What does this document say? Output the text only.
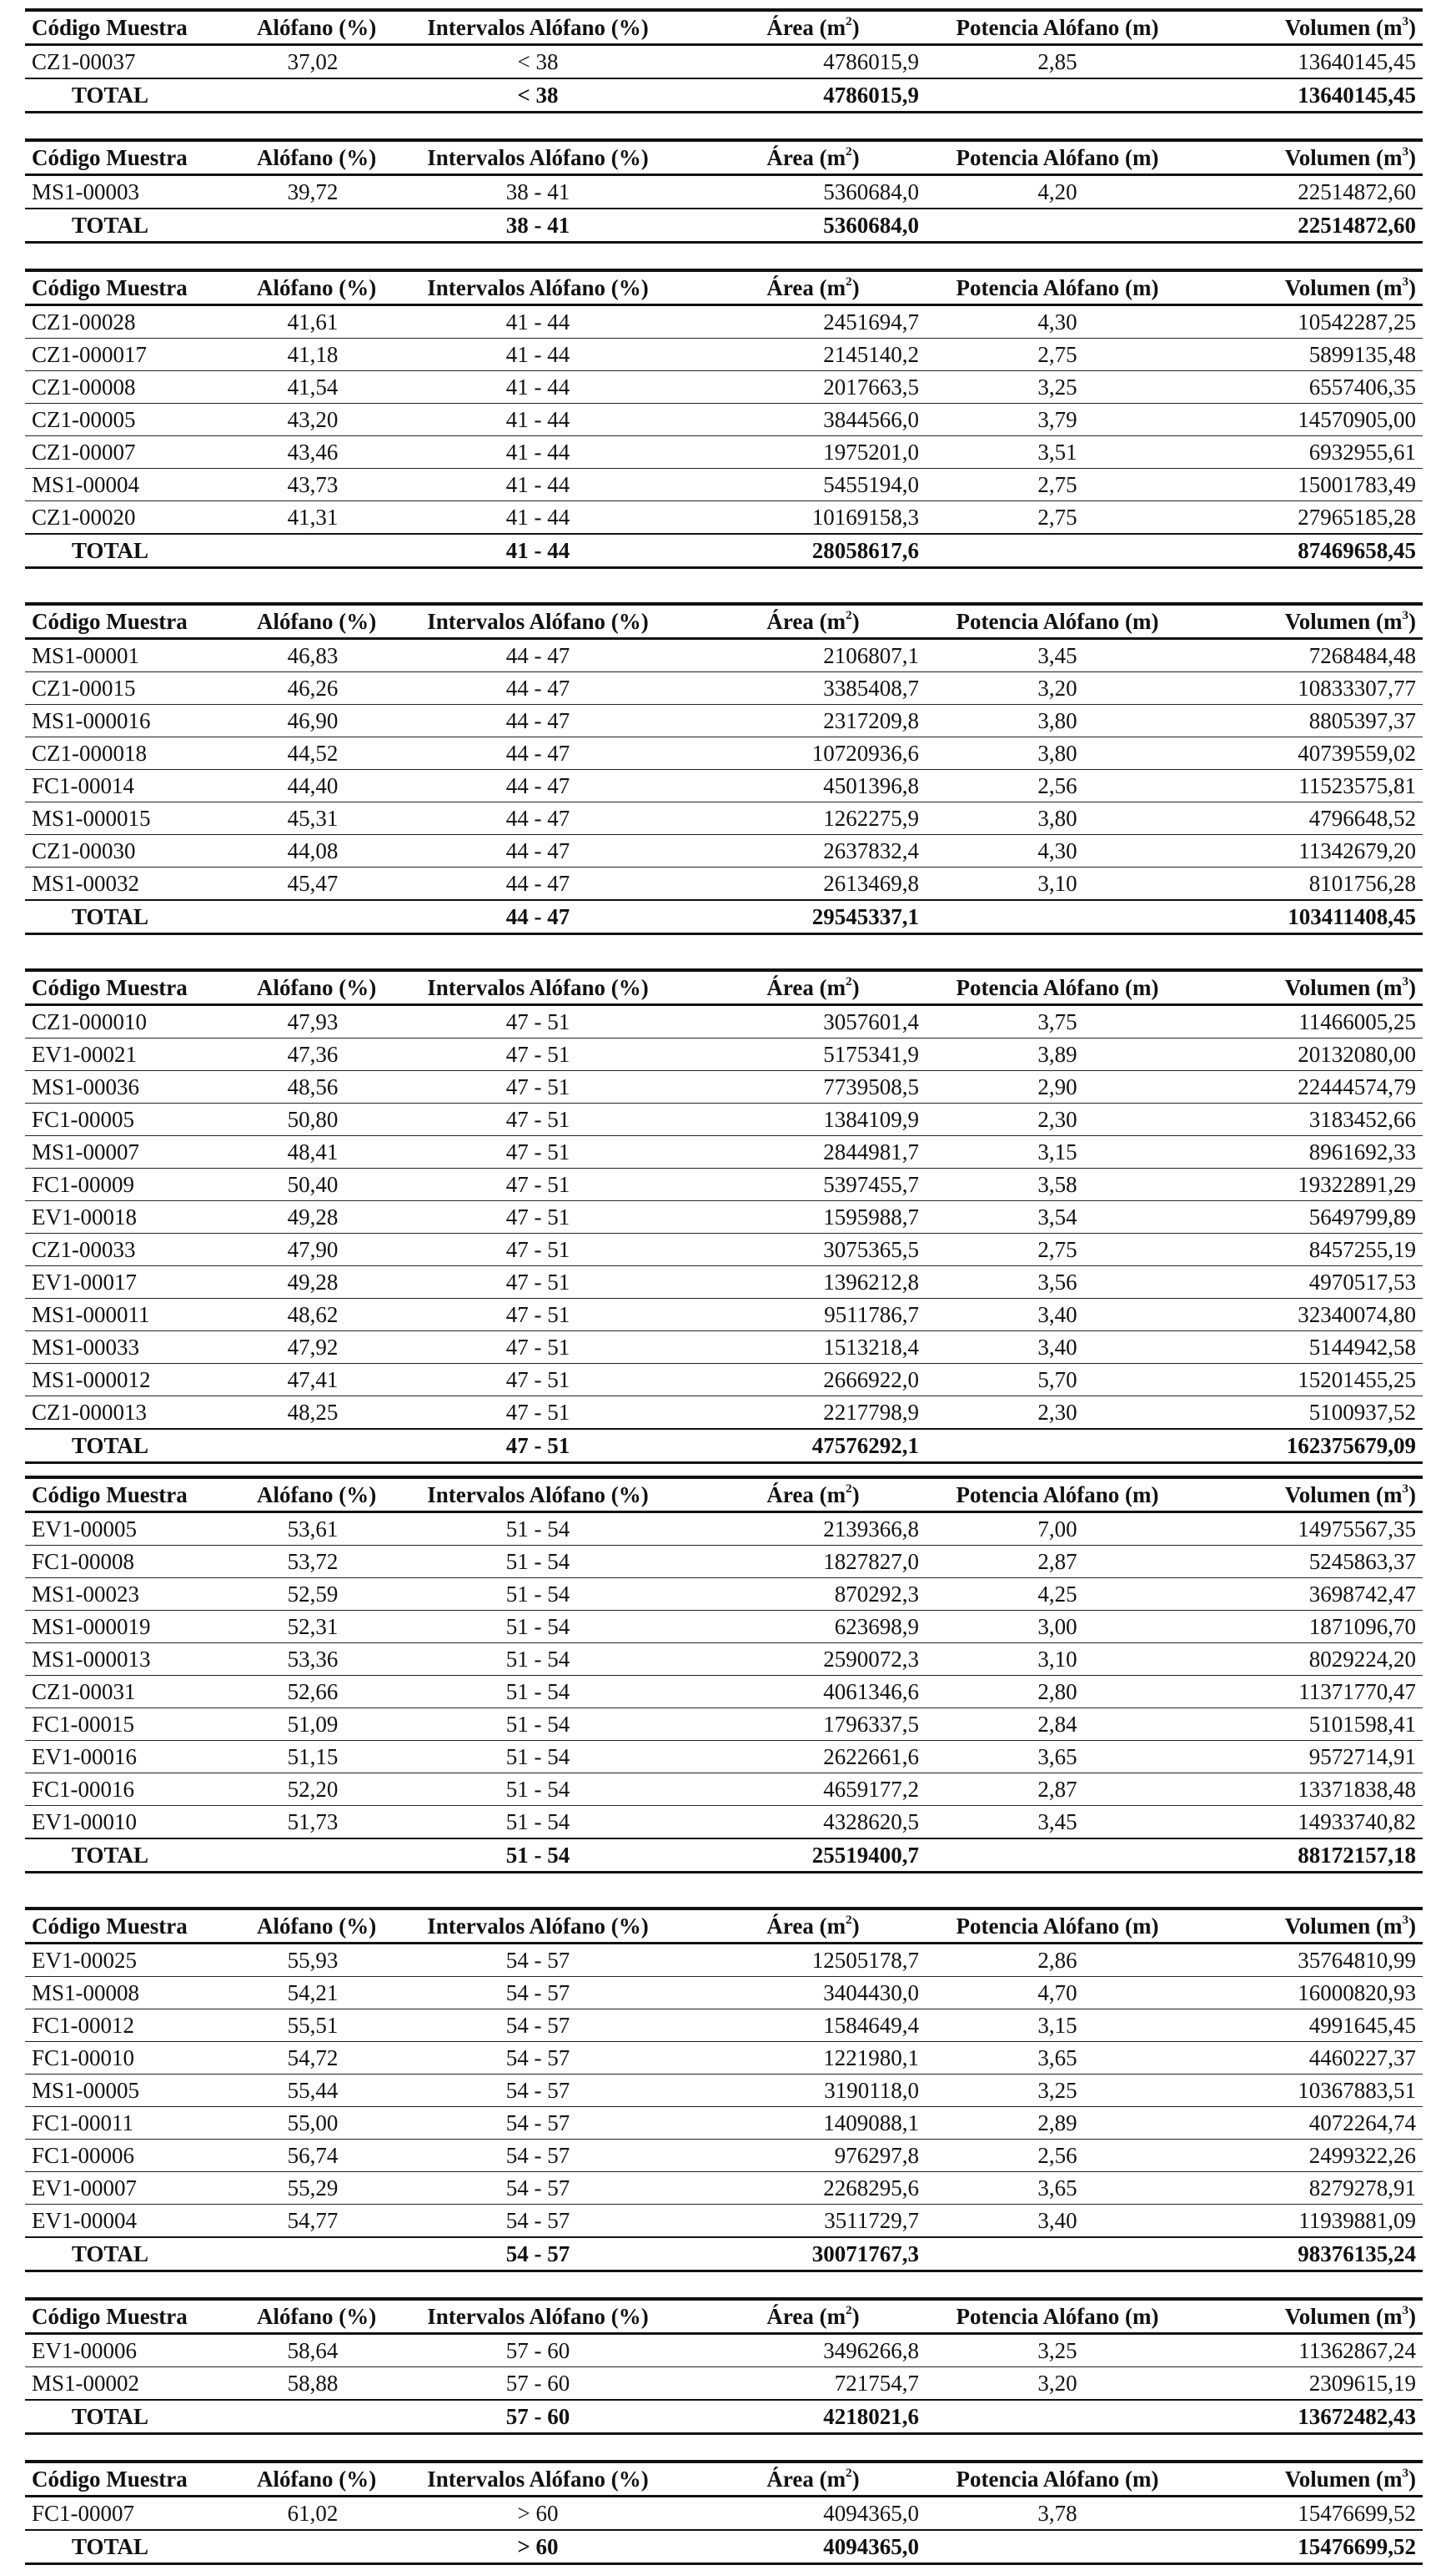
Código Muestra	Alófano (%)	Intervalos Alófano (%)	Área $(m^2)$	Potencia Alófano (m)	Volumen $(m^3)$
CZ1-00037	37,02	< 38	4786015,9	2,85	13640145,45
TOTAL		< 38	4786015,9		13640145,45
Código Muestra	Alófano (%)	Intervalos Alófano (%)	Área $(m^2)$	Potencia Alófano (m)	Volumen $(m^3)$
MS1-00003	39,72	38 - 41	5360684,0	4,20	22514872,60
TOTAL		38 - 41	5360684,0		22514872,60
Código Muestra	Alófano (%)	Intervalos Alófano (%)	Área $(m^2)$	Potencia Alófano (m)	Volumen $(m^3)$
CZ1-00028	41,61	41 - 44	2451694,7	4,30	10542287,25
CZ1-000017	41,18	41 - 44	2145140,2	2,75	5899135,48
CZ1-00008	41,54	41 - 44	2017663,5	3,25	6557406,35
CZ1-00005	43,20	41 - 44	3844566,0	3,79	14570905,00
CZ1-00007	43,46	41 - 44	1975201,0	3,51	6932955,61
MS1-00004	43,73	41 - 44	5455194,0	2,75	15001783,49
CZ1-00020	41,31	41 - 44	10169158,3	2,75	27965185,28
TOTAL		41 - 44	28058617,6		87469658,45
Código Muestra	Alófano (%)	Intervalos Alófano (%)	Área $(m^2)$	Potencia Alófano (m)	Volumen $(m^3)$
MS1-00001	46,83	44 - 47	2106807,1	3,45	7268484,48
CZ1-00015	46,26	44 - 47	3385408,7	3,20	10833307,77
MS1-000016	46,90	44 - 47	2317209,8	3,80	8805397,37
CZ1-000018	44,52	44 - 47	10720936,6	3,80	40739559,02
FC1-00014	44,40	44 - 47	4501396,8	2,56	11523575,81
MS1-000015	45,31	44 - 47	1262275,9	3,80	4796648,52
CZ1-00030	44,08	44 - 47	2637832,4	4,30	11342679,20
MS1-00032	45,47	44 - 47	2613469,8	3,10	8101756,28
TOTAL		44 - 47	29545337,1		103411408,45
Código Muestra	Alófano (%)	Intervalos Alófano (%)	Área $(m^2)$	Potencia Alófano (m)	Volumen $(m^3)$
CZ1-000010	47,93	47 - 51	3057601,4	3,75	11466005,25
EV1-00021	47,36	47 - 51	5175341,9	3,89	20132080,00
MS1-00036	48,56	47 - 51	7739508,5	2,90	22444574,79
FC1-00005	50,80	47 - 51	1384109,9	2,30	3183452,66
MS1-00007	48,41	47 - 51	2844981,7	3,15	8961692,33
FC1-00009	50,40	47 - 51	5397455,7	3,58	19322891,29
EV1-00018	49,28	47 - 51	1595988,7	3,54	5649799,89
CZ1-00033	47,90	47 - 51	3075365,5	2,75	8457255,19
EV1-00017	49,28	47 - 51	1396212,8	3,56	4970517,53
MS1-000011	48,62	47 - 51	9511786,7	3,40	32340074,80
MS1-00033	47,92	47 - 51	1513218,4	3,40	5144942,58
MS1-000012	47,41	47 - 51	2666922,0	5,70	15201455,25
CZ1-000013	48,25	47 - 51	2217798,9	2,30	5100937,52
TOTAL		47 - 51	47576292,1		162375679,09
Código Muestra	Alófano (%)	Intervalos Alófano (%)	Área $(m^2)$	Potencia Alófano (m)	Volumen $(m^3)$
EV1-00005	53,61	51 - 54	2139366,8	7,00	14975567,35
FC1-00008	53,72	51 - 54	1827827,0	2,87	5245863,37
MS1-00023	52,59	51 - 54	870292,3	4,25	3698742,47
MS1-000019	52,31	51 - 54	623698,9	3,00	1871096,70
MS1-000013	53,36	51 - 54	2590072,3	3,10	8029224,20
CZ1-00031	52,66	51 - 54	4061346,6	2,80	11371770,47
FC1-00015	51,09	51 - 54	1796337,5	2,84	5101598,41
EV1-00016	51,15	51 - 54	2622661,6	3,65	9572714,91
FC1-00016	52,20	51 - 54	4659177,2	2,87	13371838,48
EV1-00010	51,73	51 - 54	4328620,5	3,45	14933740,82
TOTAL		51 - 54	25519400,7		88172157,18
Código Muestra	Alófano (%)	Intervalos Alófano (%)	Área $(m^2)$	Potencia Alófano (m)	Volumen $(m^3)$
EV1-00025	55,93	54 - 57	12505178,7	2,86	35764810,99
MS1-00008	54,21	54 - 57	3404430,0	4,70	16000820,93
FC1-00012	55,51	54 - 57	1584649,4	3,15	4991645,45
FC1-00010	54,72	54 - 57	1221980,1	3,65	4460227,37
MS1-00005	55,44	54 - 57	3190118,0	3,25	10367883,51
FC1-00011	55,00	54 - 57	1409088,1	2,89	4072264,74
FC1-00006	56,74	54 - 57	976297,8	2,56	2499322,26
EV1-00007	55,29	54 - 57	2268295,6	3,65	8279278,91
EV1-00004	54,77	54 - 57	3511729,7	3,40	11939881,09
TOTAL		54 - 57	30071767,3		98376135,24
Código Muestra	Alófano (%)	Intervalos Alófano (%)	Área $(m^2)$	Potencia Alófano (m)	Volumen $(m^3)$
EV1-00006	58,64	57 - 60	3496266,8	3,25	11362867,24
MS1-00002	58,88	57 - 60	721754,7	3,20	2309615,19
TOTAL		57 - 60	4218021,6		13672482,43
Código Muestra	Alófano (%)	Intervalos Alófano (%)	Área $(m^2)$	Potencia Alófano (m)	Volumen $(m^3)$
FC1-00007	61,02	> 60	4094365,0	3,78	15476699,52
TOTAL		> 60	4094365,0		15476699,52
